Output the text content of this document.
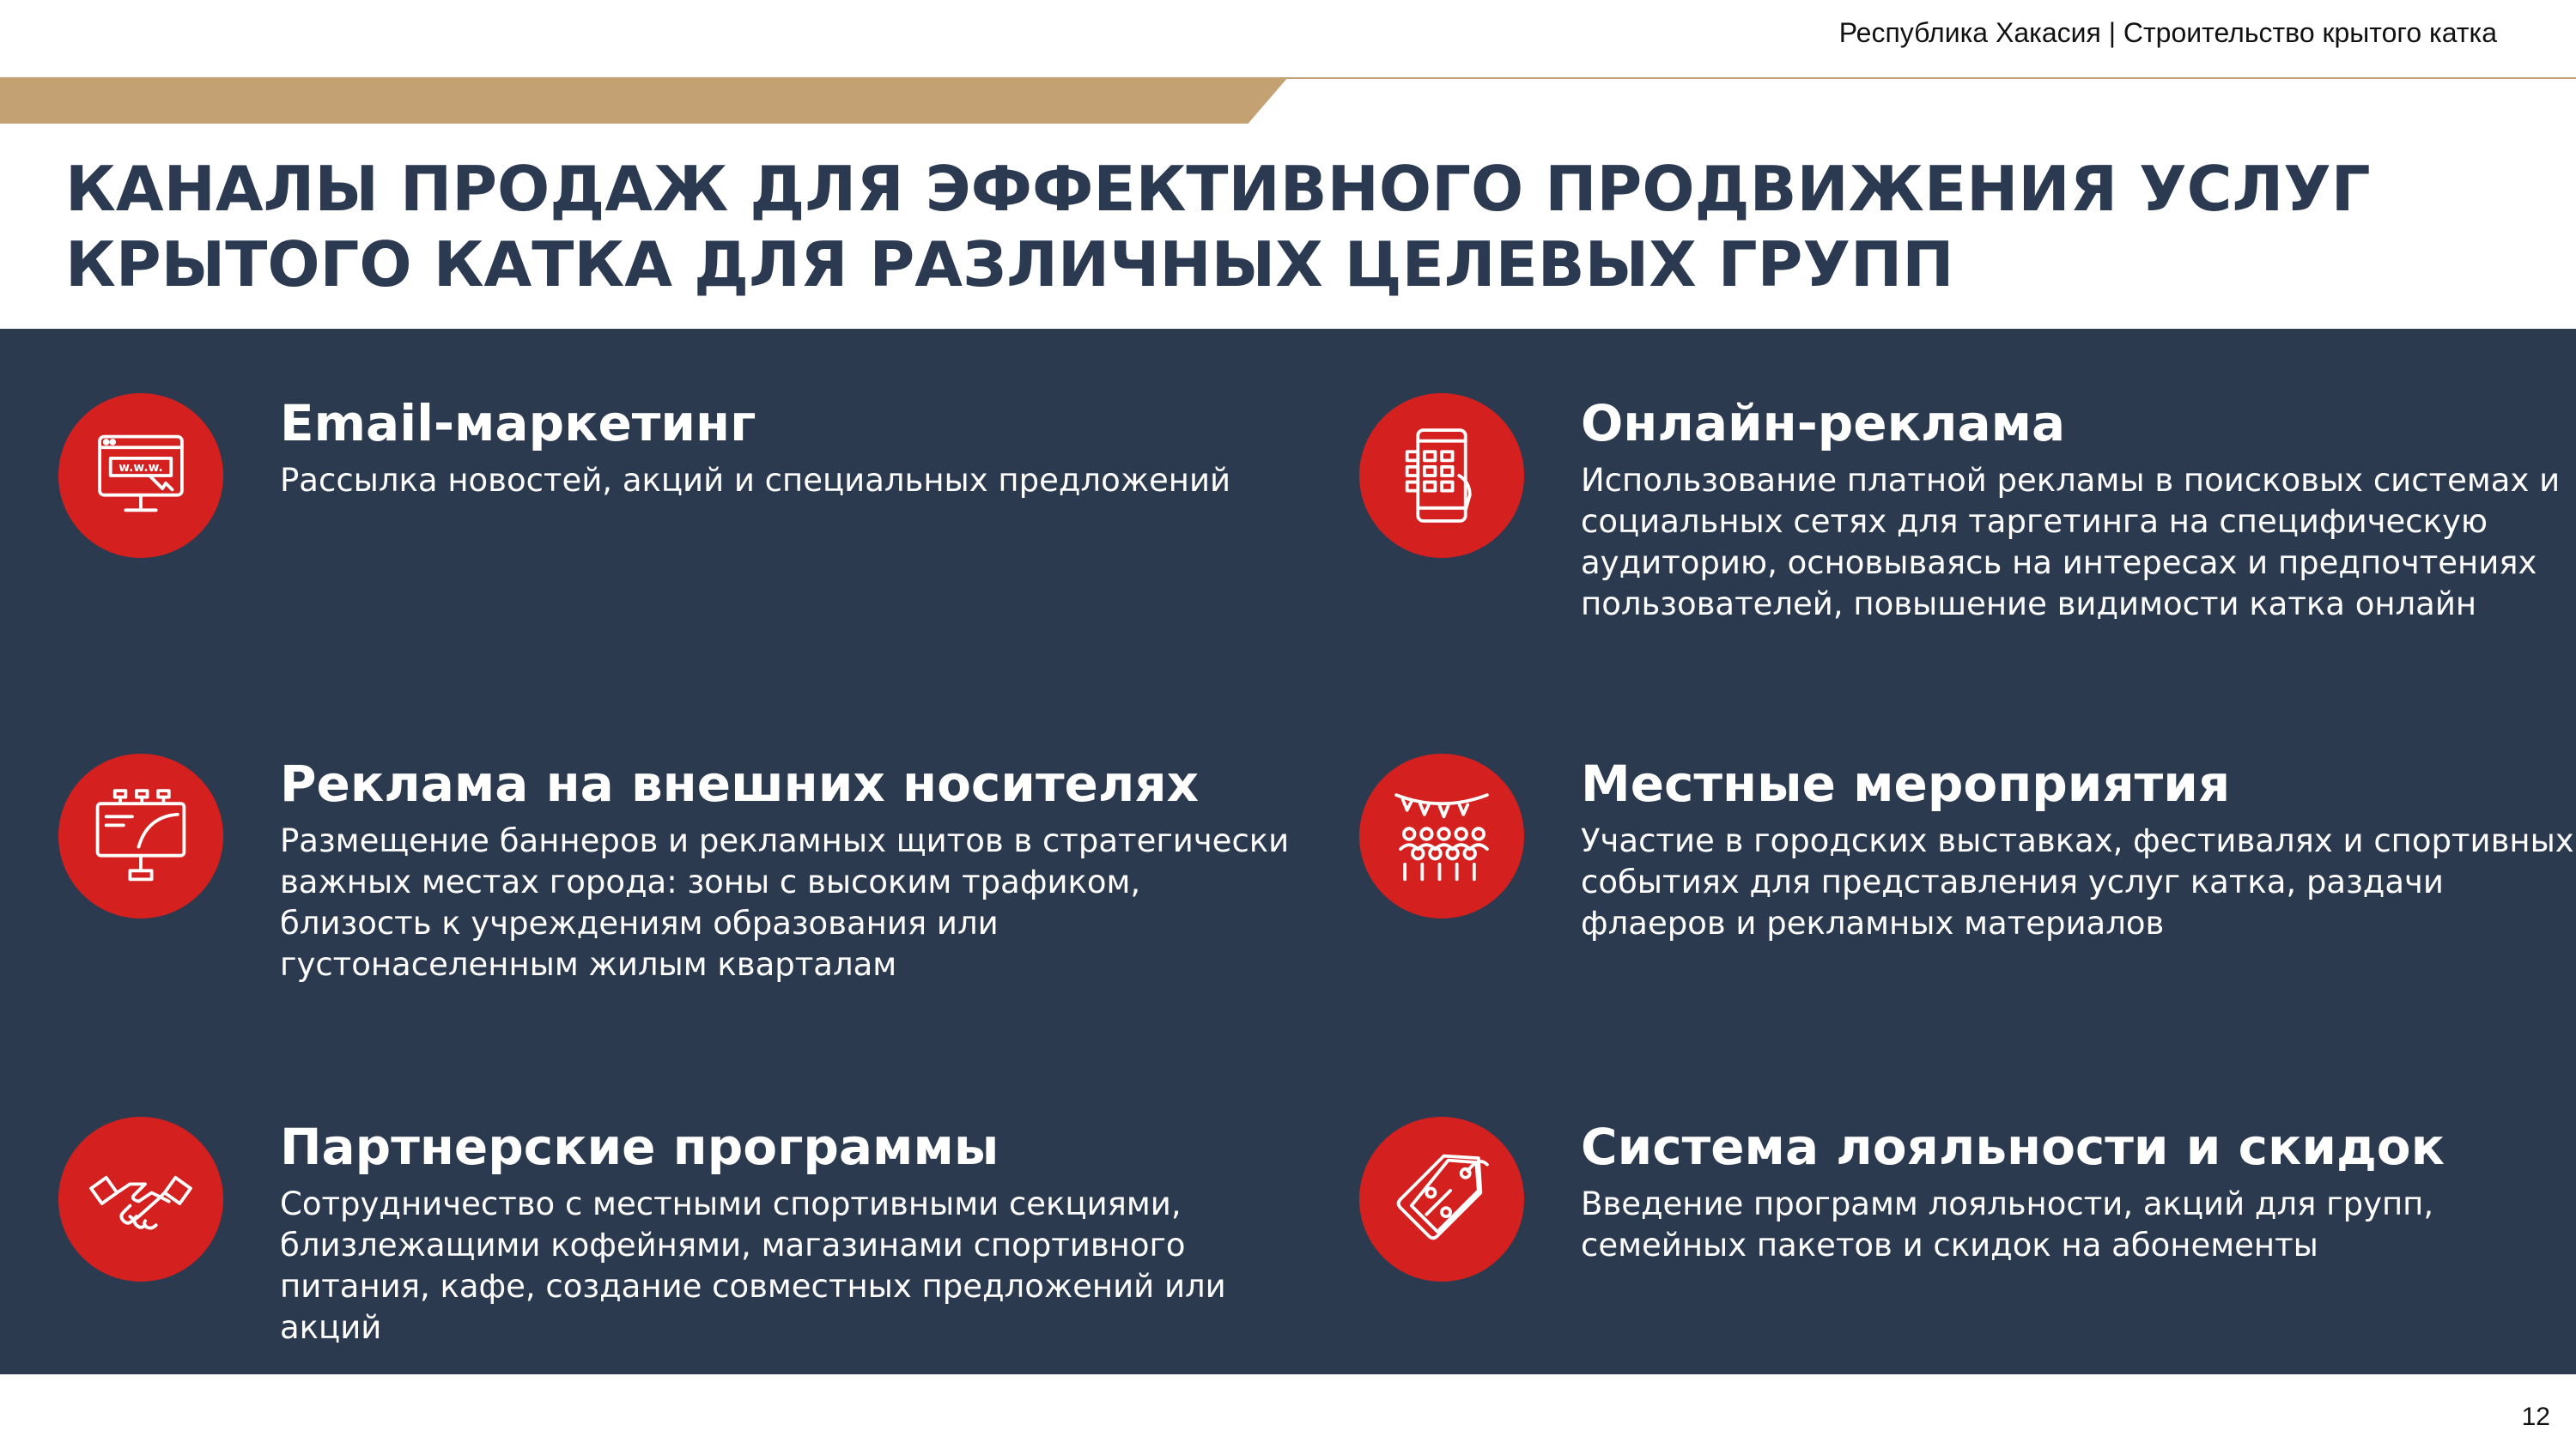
Республика Хакасия | Строительство крытого катка
КАНАЛЫ ПРОДАЖ ДЛЯ ЭФФЕКТИВНОГО ПРОДВИЖЕНИЯ УСЛУГ КРЫТОГО КАТКА ДЛЯ РАЗЛИЧНЫХ ЦЕЛЕВЫХ ГРУПП
w.w.w.
Email-маркетинг

Рассылка новостей, акций и специальных предложений

Онлайн-реклама

Использование платной рекламы в поисковых системах и социальных сетях для таргетинга на специфическую аудиторию, основываясь на интересах и предпочтениях пользователей, повышение видимости катка онлайн

Реклама на внешних носителях

Размещение баннеров и рекламных щитов в стратегически важных местах города: зоны с высоким трафиком, близость к учреждениям образования или густонаселенным жилым кварталам

Местные мероприятия

Участие в городских выставках, фестивалях и спортивных событиях для представления услуг катка, раздачи флаеров и рекламных материалов

Партнерские программы

Сотрудничество с местными спортивными секциями, близлежащими кофейнями, магазинами спортивного питания, кафе, создание совместных предложений или акций

Система лояльности и скидок

Введение программ лояльности, акций для групп, семейных пакетов и скидок на абонементы

12
